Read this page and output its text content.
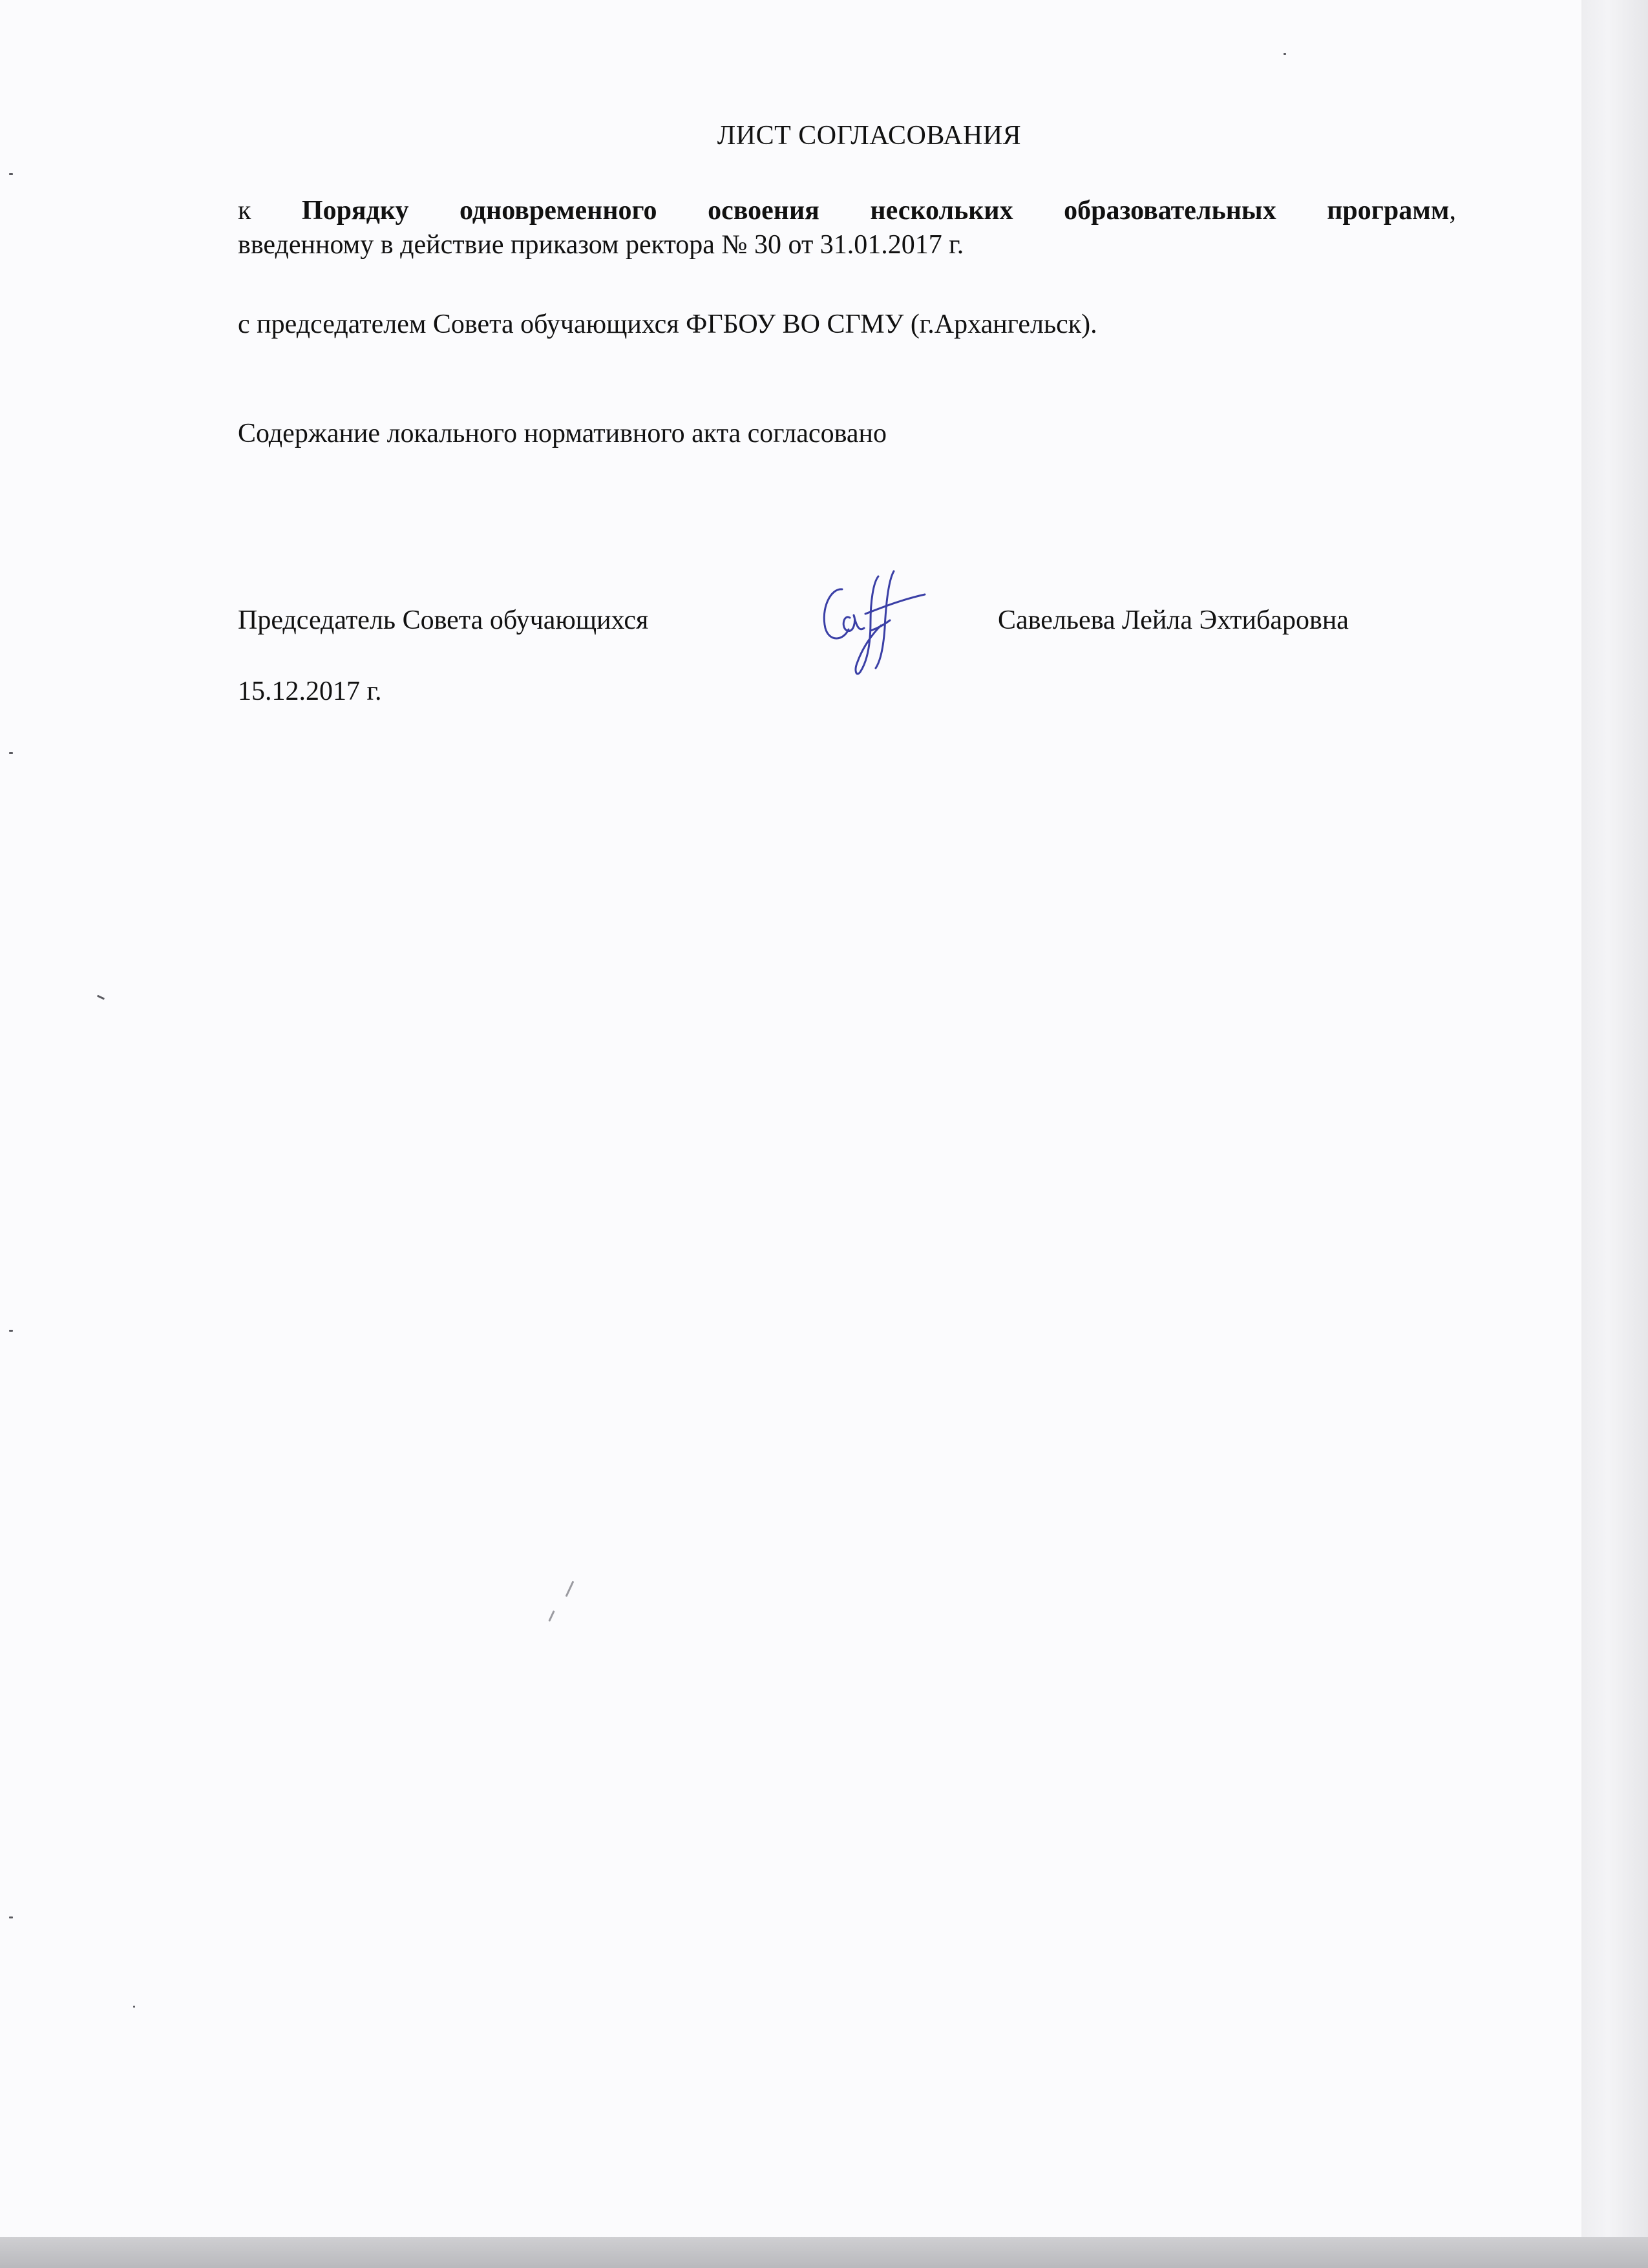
ЛИСТ СОГЛАСОВАНИЯ
к Порядку одновременного освоения нескольких образовательных программ,
введенному в действие приказом ректора № 30 от 31.01.2017 г.
с председателем Совета обучающихся ФГБОУ ВО СГМУ (г.Архангельск).
Содержание локального нормативного акта согласовано
Председатель Совета обучающихся	Савельева Лейла Эхтибаровна
15.12.2017 г.
